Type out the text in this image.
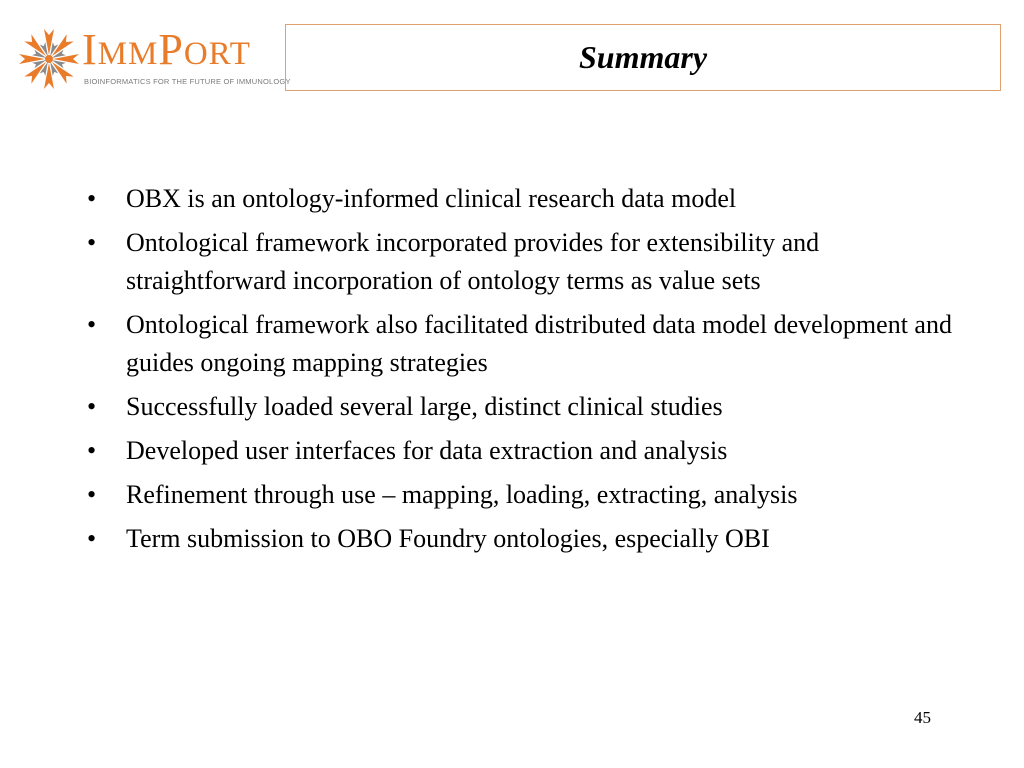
IMMPORT
BIOINFORMATICS FOR THE FUTURE OF IMMUNOLOGY
Summary
•	OBX is an ontology-informed clinical research data model
•	Ontological framework incorporated provides for extensibility and straightforward incorporation of ontology terms as value sets
•	Ontological framework also facilitated distributed data model development and guides ongoing mapping strategies
•	Successfully loaded several large, distinct clinical studies
•	Developed user interfaces for data extraction and analysis
•	Refinement through use – mapping, loading, extracting, analysis
•	Term submission to OBO Foundry ontologies, especially OBI
45
